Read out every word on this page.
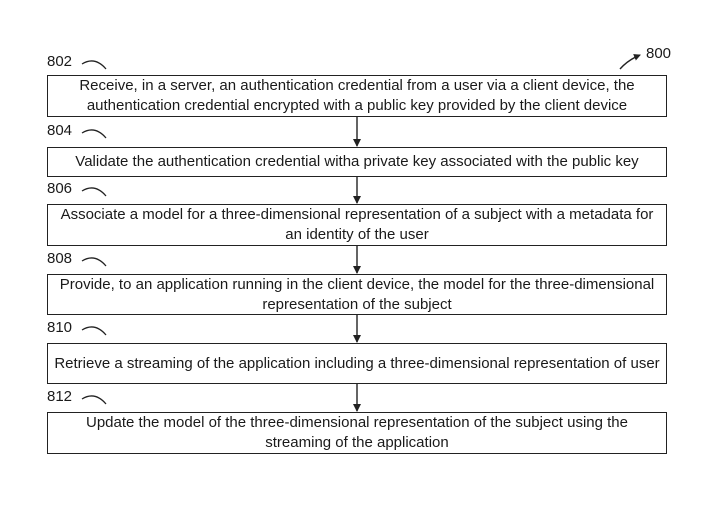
800
802
Receive, in a server, an authentication credential from a user via a client device, the authentication credential encrypted with a public key provided by the client device
804
Validate the authentication credential witha private key associated with the public key
806
Associate a model for a three-dimensional representation of a subject with a metadata for an identity of the user
808
Provide, to an application running in the client device, the model for the three-dimensional representation of the subject
810
Retrieve a streaming of the application including a three-dimensional representation of user
812
Update the model of the three-dimensional representation of the subject using the streaming of the application
